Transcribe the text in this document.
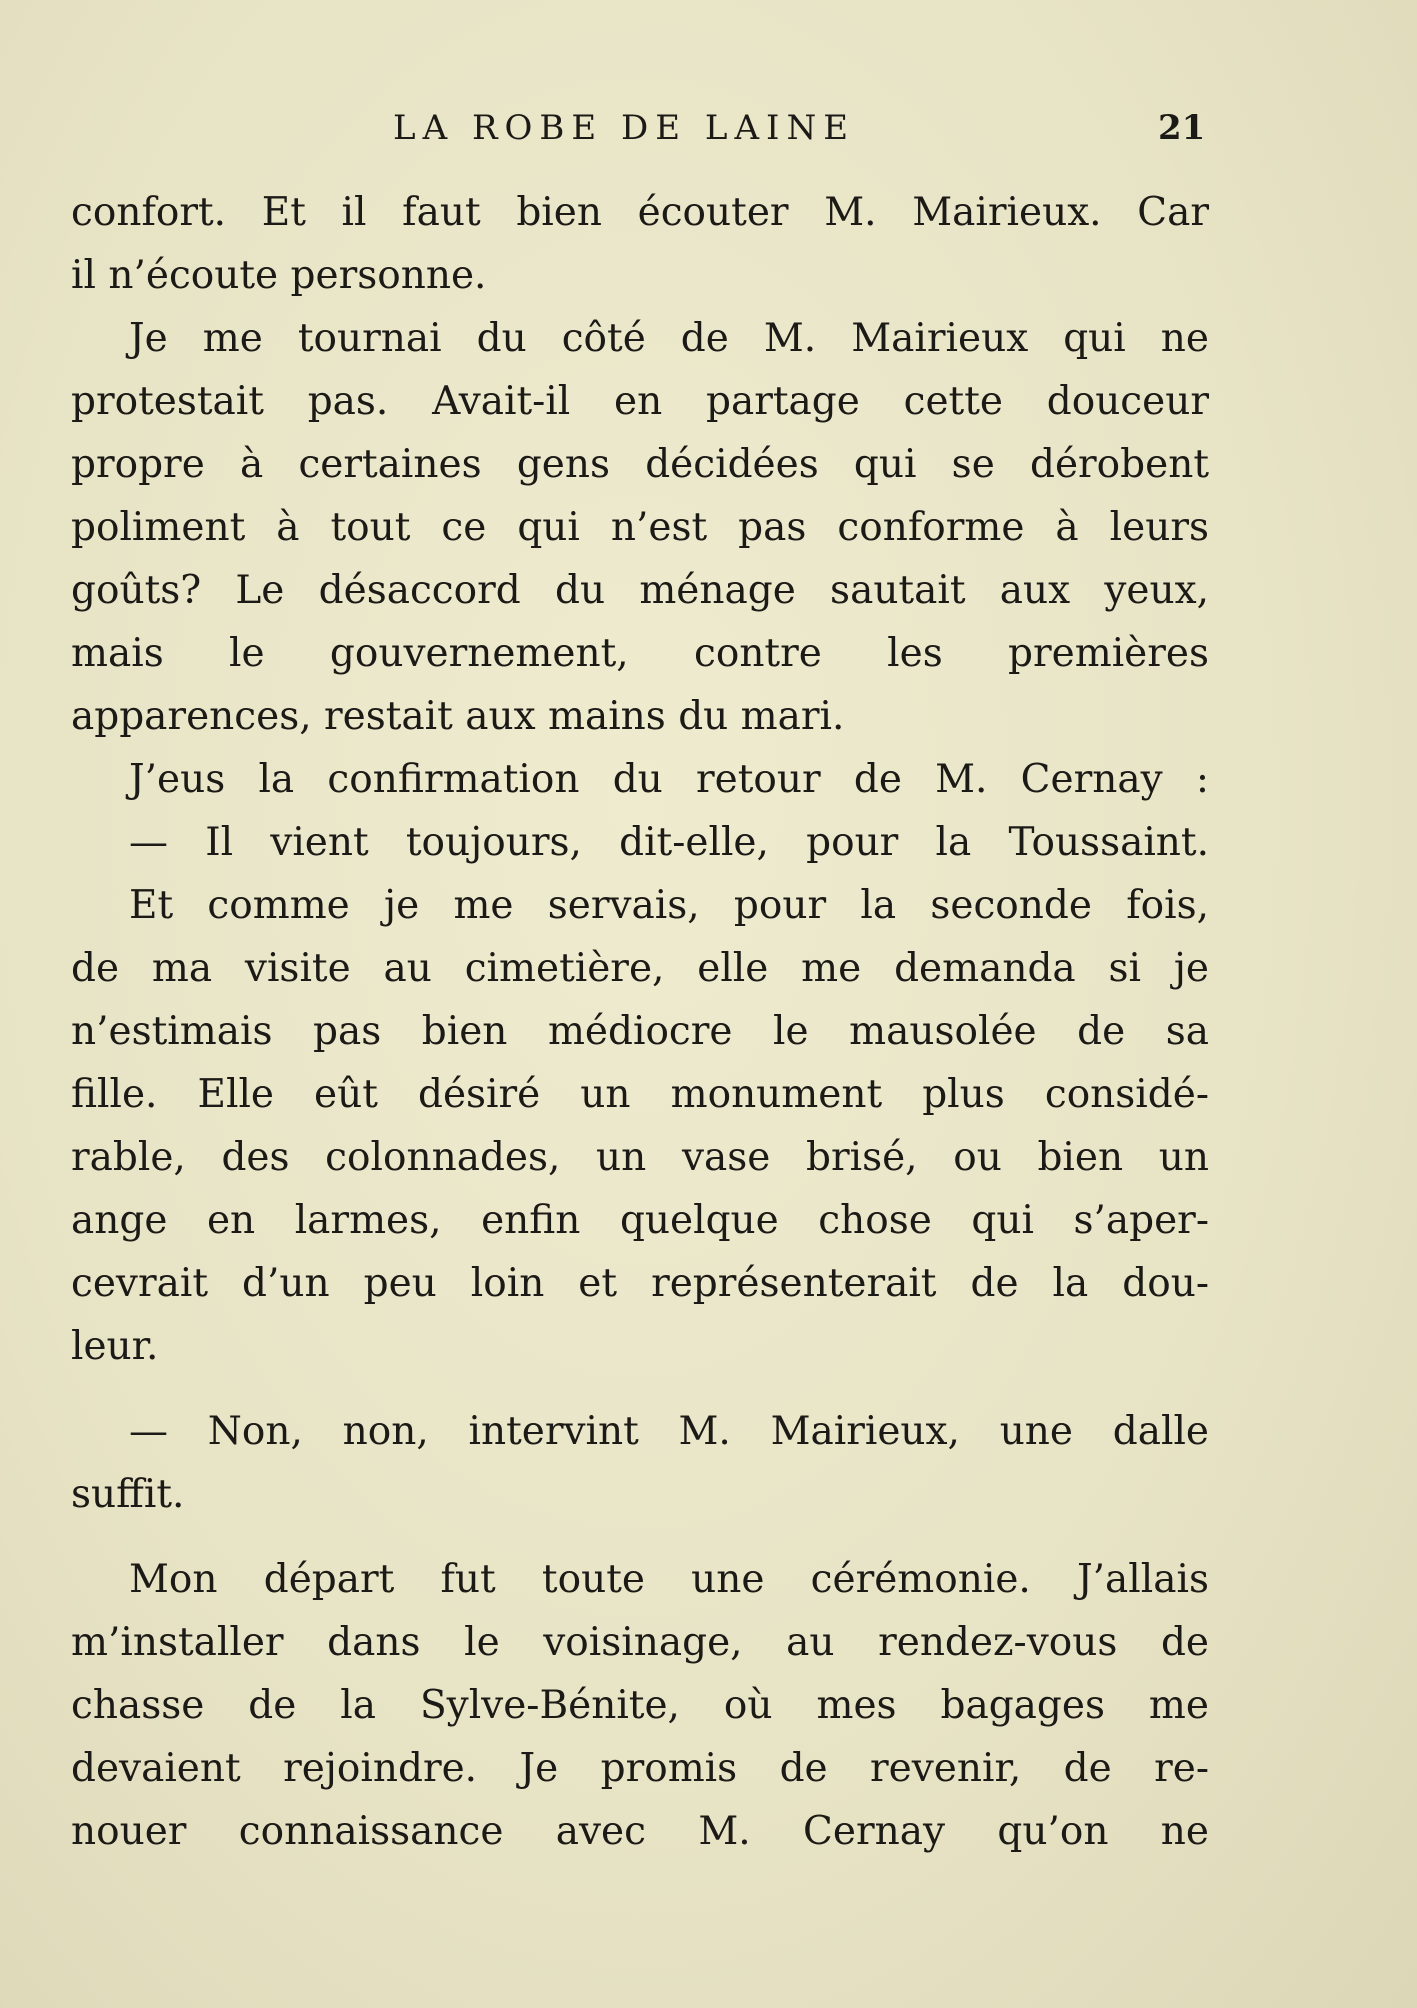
LA ROBE DE LAINE	21
confort. Et il faut bien écouter M. Mairieux. Car
il n’écoute personne.
Je me tournai du côté de M. Mairieux qui ne
protestait pas. Avait-il en partage cette douceur
propre à certaines gens décidées qui se dérobent
poliment à tout ce qui n’est pas conforme à leurs
goûts? Le désaccord du ménage sautait aux yeux,
mais le gouvernement, contre les premières
apparences, restait aux mains du mari.
J’eus la confirmation du retour de M. Cernay :
— Il vient toujours, dit-elle, pour la Toussaint.
Et comme je me servais, pour la seconde fois,
de ma visite au cimetière, elle me demanda si je
n’estimais pas bien médiocre le mausolée de sa
fille. Elle eût désiré un monument plus considé-
rable, des colonnades, un vase brisé, ou bien un
ange en larmes, enfin quelque chose qui s’aper-
cevrait d’un peu loin et représenterait de la dou-
leur.
— Non, non, intervint M. Mairieux, une dalle
suffit.
Mon départ fut toute une cérémonie. J’allais
m’installer dans le voisinage, au rendez-vous de
chasse de la Sylve-Bénite, où mes bagages me
devaient rejoindre. Je promis de revenir, de re-
nouer connaissance avec M. Cernay qu’on ne
